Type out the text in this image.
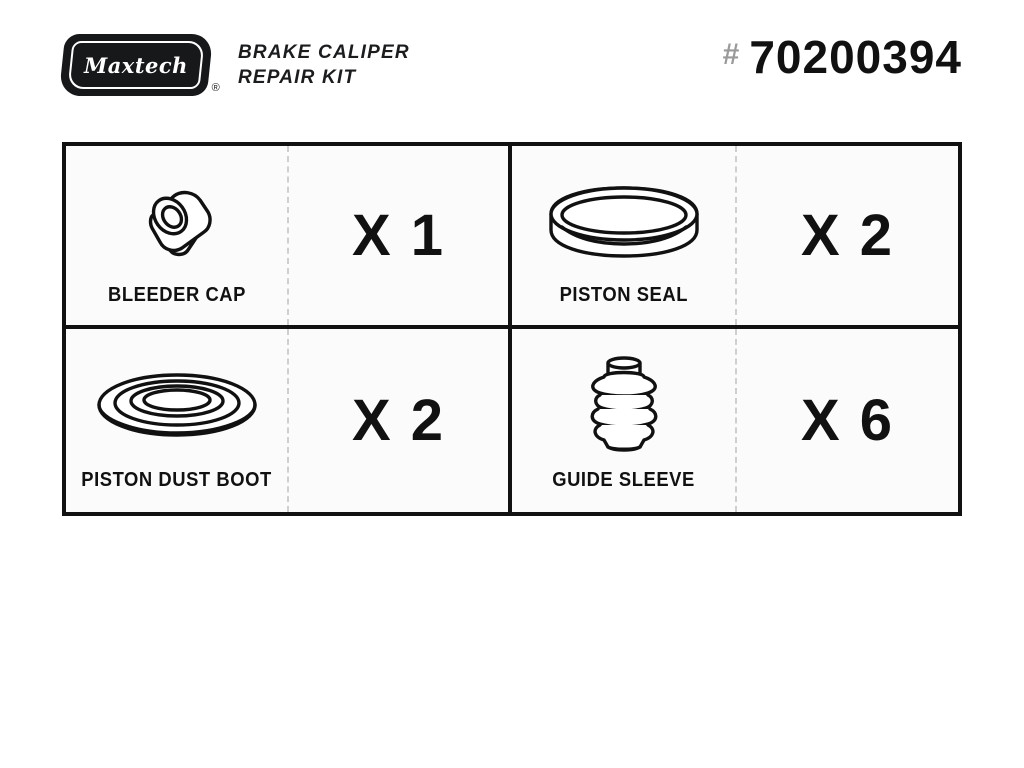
Maxtech
®
BRAKE CALIPER
REPAIR KIT
# 70200394
BLEEDER CAP
X 1
PISTON SEAL
X 2
PISTON DUST BOOT
X 2
GUIDE SLEEVE
X 6
